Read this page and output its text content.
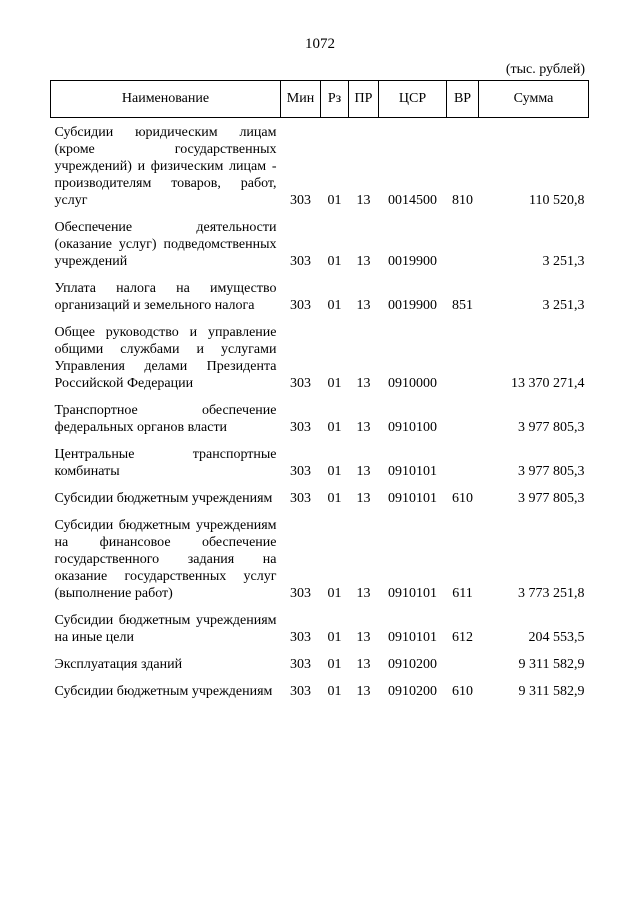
1072
(тыс. рублей)
Наименование	Мин	Рз	ПР	ЦСР	ВР	Сумма
Субсидии юридическим лицам (кроме государственных учреждений) и физическим лицам - производителям товаров, работ, услуг	303	01	13	0014500	810	110 520,8

Обеспечение деятельности (оказание услуг) подведомственных учреждений	303	01	13	0019900		3 251,3

Уплата налога на имущество организаций и земельного налога	303	01	13	0019900	851	3 251,3

Общее руководство и управление общими службами и услугами Управления делами Президента Российской Федерации	303	01	13	0910000		13 370 271,4

Транспортное обеспечение федеральных органов власти	303	01	13	0910100		3 977 805,3

Центральные транспортные комбинаты	303	01	13	0910101		3 977 805,3

Субсидии бюджетным учреждениям	303	01	13	0910101	610	3 977 805,3

Субсидии бюджетным учреждениям на финансовое обеспечение государственного задания на оказание государственных услуг (выполнение работ)	303	01	13	0910101	611	3 773 251,8

Субсидии бюджетным учреждениям на иные цели	303	01	13	0910101	612	204 553,5

Эксплуатация зданий	303	01	13	0910200		9 311 582,9

Субсидии бюджетным учреждениям	303	01	13	0910200	610	9 311 582,9
